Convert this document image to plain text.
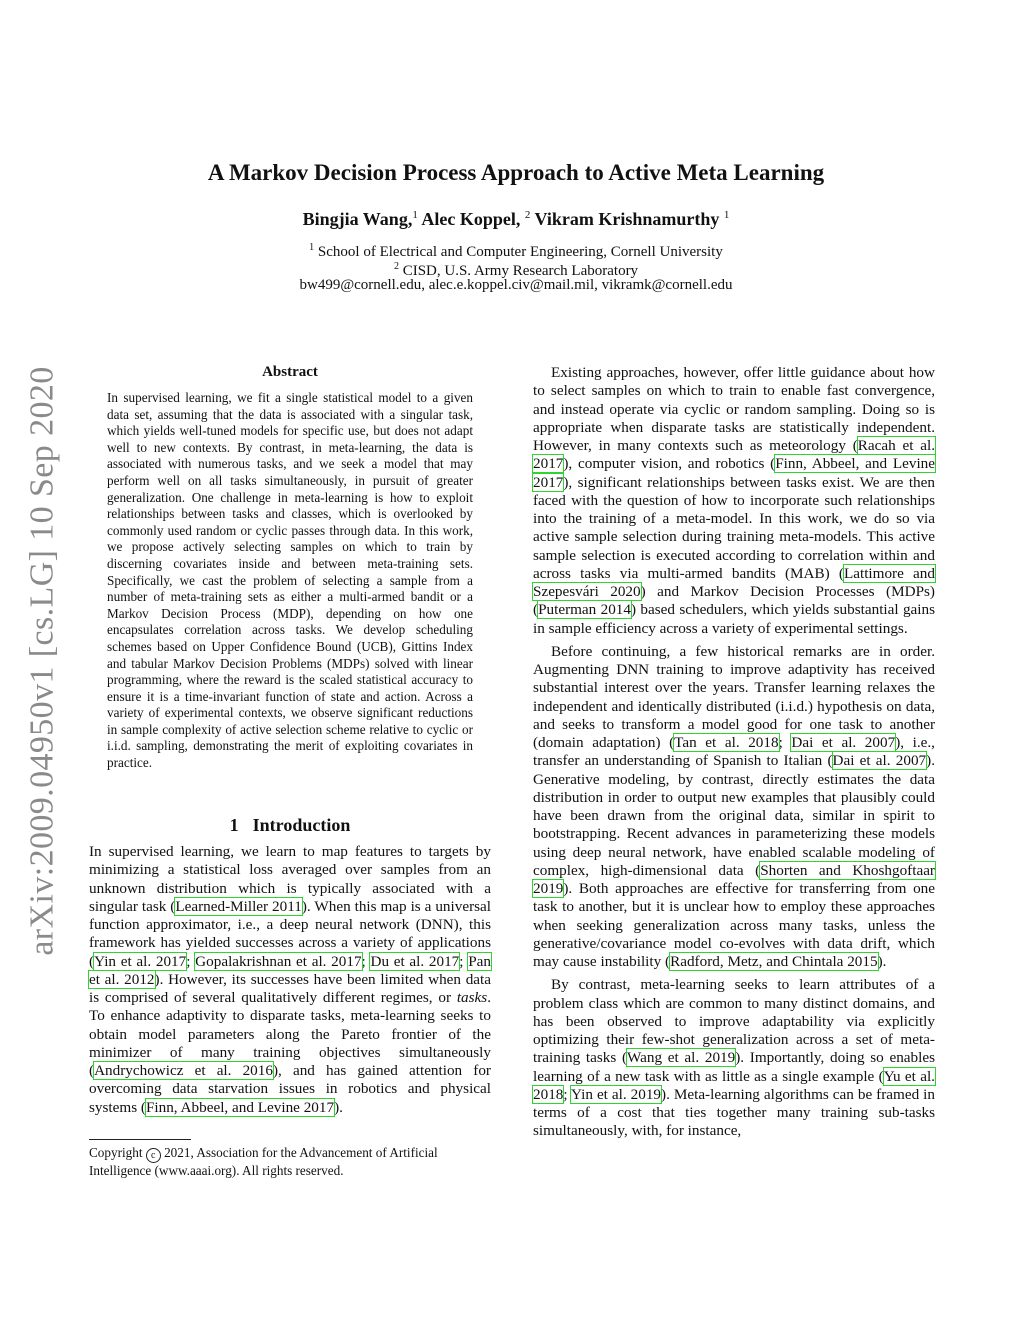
arXiv:2009.04950v1 [cs.LG] 10 Sep 2020
A Markov Decision Process Approach to Active Meta Learning
Bingjia Wang,$^1$ Alec Koppel, $^2$ Vikram Krishnamurthy $^1$
$^1$ School of Electrical and Computer Engineering, Cornell University
$^2$ CISD, U.S. Army Research Laboratory
bw499@cornell.edu, alec.e.koppel.civ@mail.mil, vikramk@cornell.edu
Abstract

In supervised learning, we fit a single statistical model to a given data set, assuming that the data is associated with a singular task, which yields well-tuned models for specific use, but does not adapt well to new contexts. By contrast, in meta-learning, the data is associated with numerous tasks, and we seek a model that may perform well on all tasks simultaneously, in pursuit of greater generalization. One challenge in meta-learning is how to exploit relationships between tasks and classes, which is overlooked by commonly used random or cyclic passes through data. In this work, we propose actively selecting samples on which to train by discerning covariates inside and between meta-training sets. Specifically, we cast the problem of selecting a sample from a number of meta-training sets as either a multi-armed bandit or a Markov Decision Process (MDP), depending on how one encapsulates correlation across tasks. We develop scheduling schemes based on Upper Confidence Bound (UCB), Gittins Index and tabular Markov Decision Problems (MDPs) solved with linear programming, where the reward is the scaled statistical accuracy to ensure it is a time-invariant function of state and action. Across a variety of experimental contexts, we observe significant reductions in sample complexity of active selection scheme relative to cyclic or i.i.d. sampling, demonstrating the merit of exploiting covariates in practice.

1 Introduction

In supervised learning, we learn to map features to targets by minimizing a statistical loss averaged over samples from an unknown distribution which is typically associated with a singular task (Learned-Miller 2011). When this map is a universal function approximator, i.e., a deep neural network (DNN), this framework has yielded successes across a variety of applications (Yin et al. 2017; Gopalakrishnan et al. 2017; Du et al. 2017; Pan et al. 2012). However, its successes have been limited when data is comprised of several qualitatively different regimes, or tasks. To enhance adaptivity to disparate tasks, meta-learning seeks to obtain model parameters along the Pareto frontier of the minimizer of many training objectives simultaneously (Andrychowicz et al. 2016), and has gained attention for overcoming data starvation issues in robotics and physical systems (Finn, Abbeel, and Levine 2017).

Copyright c 2021, Association for the Advancement of Artificial Intelligence (www.aaai.org). All rights reserved.

Existing approaches, however, offer little guidance about how to select samples on which to train to enable fast convergence, and instead operate via cyclic or random sampling. Doing so is appropriate when disparate tasks are statistically independent. However, in many contexts such as meteorology (Racah et al. 2017), computer vision, and robotics (Finn, Abbeel, and Levine 2017), significant relationships between tasks exist. We are then faced with the question of how to incorporate such relationships into the training of a meta-model. In this work, we do so via active sample selection during training meta-models. This active sample selection is executed according to correlation within and across tasks via multi-armed bandits (MAB) (Lattimore and Szepesvári 2020) and Markov Decision Processes (MDPs) (Puterman 2014) based schedulers, which yields substantial gains in sample efficiency across a variety of experimental settings.

Before continuing, a few historical remarks are in order. Augmenting DNN training to improve adaptivity has received substantial interest over the years. Transfer learning relaxes the independent and identically distributed (i.i.d.) hypothesis on data, and seeks to transform a model good for one task to another (domain adaptation) (Tan et al. 2018; Dai et al. 2007), i.e., transfer an understanding of Spanish to Italian (Dai et al. 2007). Generative modeling, by contrast, directly estimates the data distribution in order to output new examples that plausibly could have been drawn from the original data, similar in spirit to bootstrapping. Recent advances in parameterizing these models using deep neural network, have enabled scalable modeling of complex, high-dimensional data (Shorten and Khoshgoftaar 2019). Both approaches are effective for transferring from one task to another, but it is unclear how to employ these approaches when seeking generalization across many tasks, unless the generative/covariance model co-evolves with data drift, which may cause instability (Radford, Metz, and Chintala 2015).

By contrast, meta-learning seeks to learn attributes of a problem class which are common to many distinct domains, and has been observed to improve adaptability via explicitly optimizing their few-shot generalization across a set of meta-training tasks (Wang et al. 2019). Importantly, doing so enables learning of a new task with as little as a single example (Yu et al. 2018; Yin et al. 2019). Meta-learning algorithms can be framed in terms of a cost that ties together many training sub-tasks simultaneously, with, for instance,
